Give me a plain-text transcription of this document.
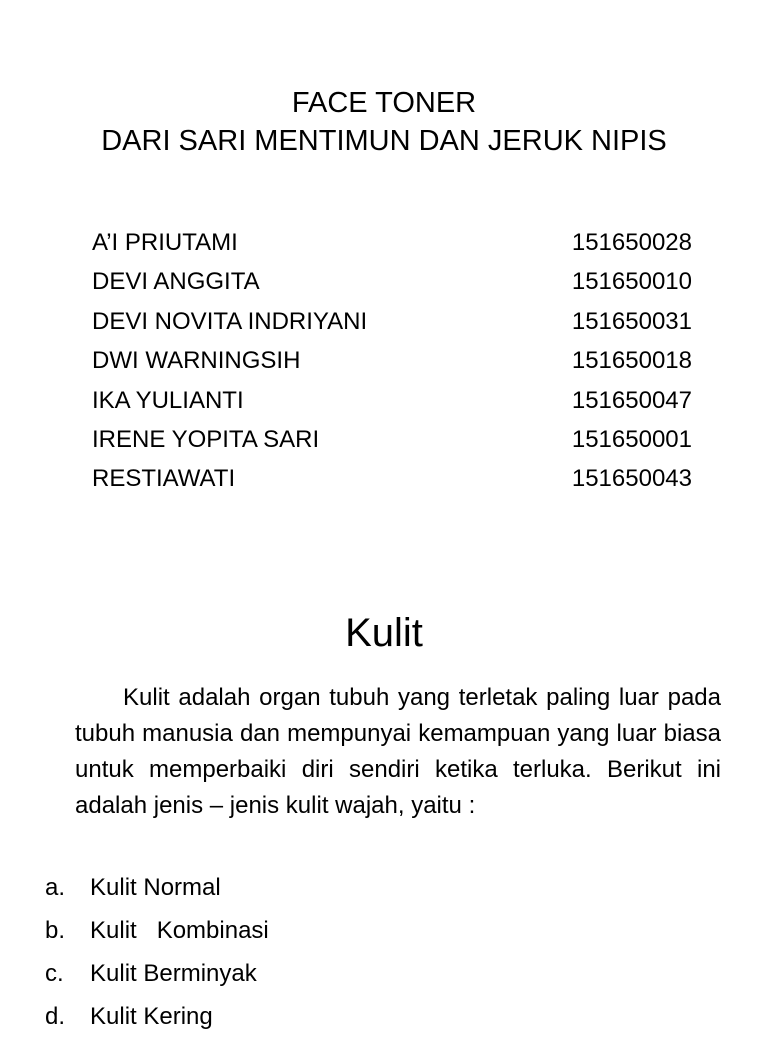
FACE TONER
DARI SARI MENTIMUN DAN JERUK NIPIS
A’I PRIUTAMI	151650028
DEVI ANGGITA	151650010
DEVI NOVITA INDRIYANI	151650031
DWI WARNINGSIH	151650018
IKA YULIANTI	151650047
IRENE YOPITA SARI	151650001
RESTIAWATI	151650043
Kulit

Kulit adalah organ tubuh yang terletak paling luar pada tubuh manusia dan mempunyai kemampuan yang luar biasa untuk memperbaiki diri sendiri ketika terluka. Berikut ini adalah jenis – jenis kulit wajah, yaitu :

a.	Kulit Normal
b.	Kulit   Kombinasi
c.	Kulit Berminyak
d.	Kulit Kering
